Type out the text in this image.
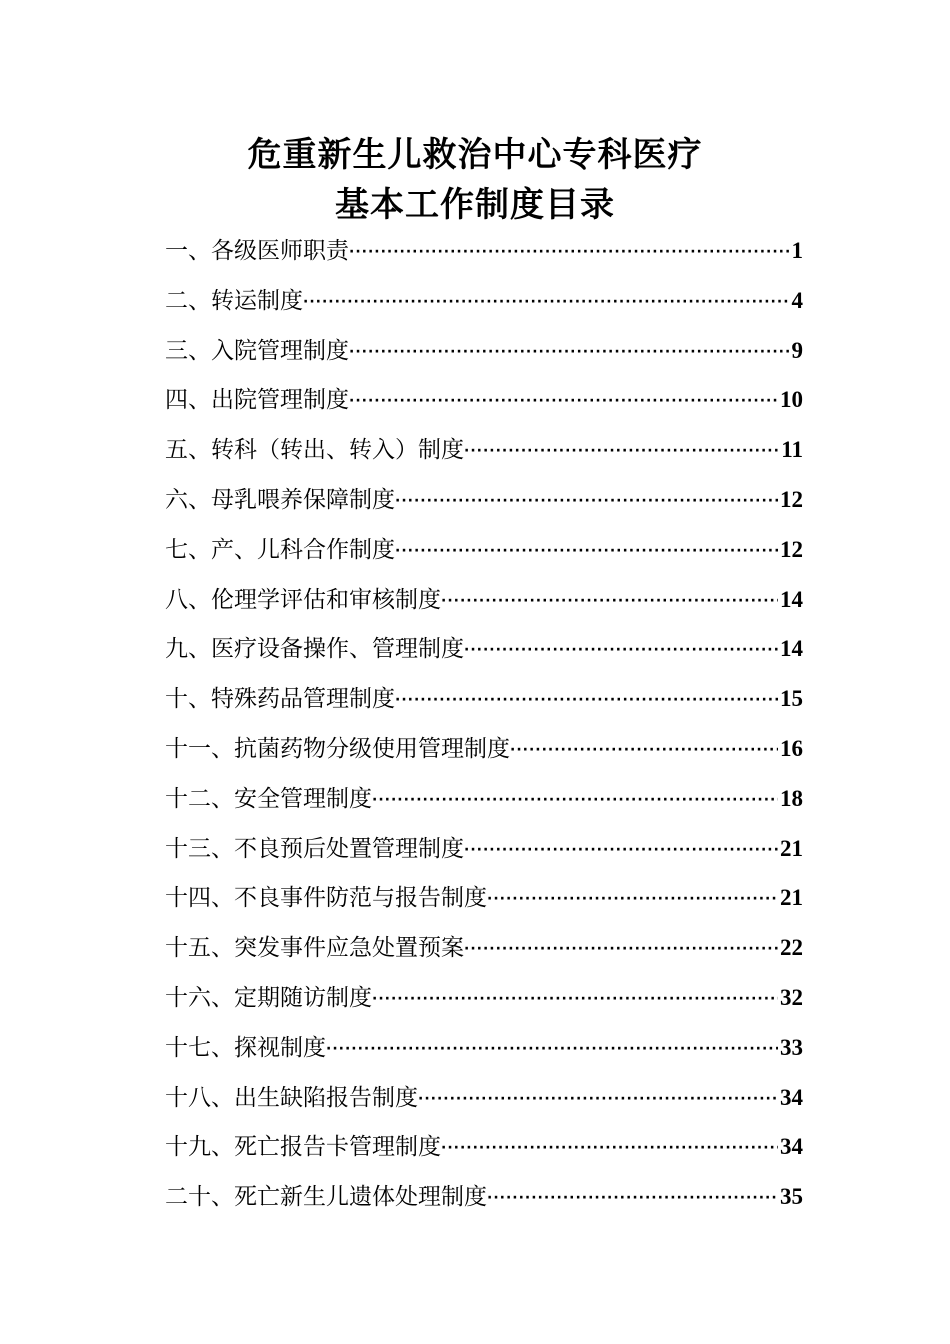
危重新生儿救治中心专科医疗
基本工作制度目录
一、各级医师职责 ·····	1
二、转运制度 ·····	4
三、入院管理制度 ·····	9
四、出院管理制度 ·····	10
五、转科（转出、转入）制度 ·····	11
六、母乳喂养保障制度 ·····	12
七、产、儿科合作制度 ·····	12
八、伦理学评估和审核制度 ·····	14
九、医疗设备操作、管理制度 ·····	14
十、特殊药品管理制度 ·····	15
十一、抗菌药物分级使用管理制度 ·····	16
十二、安全管理制度 ·····	18
十三、不良预后处置管理制度 ·····	21
十四、不良事件防范与报告制度 ·····	21
十五、突发事件应急处置预案 ·····	22
十六、定期随访制度 ·····	32
十七、探视制度 ·····	33
十八、出生缺陷报告制度 ·····	34
十九、死亡报告卡管理制度 ·····	34
二十、死亡新生儿遗体处理制度 ·····	35
